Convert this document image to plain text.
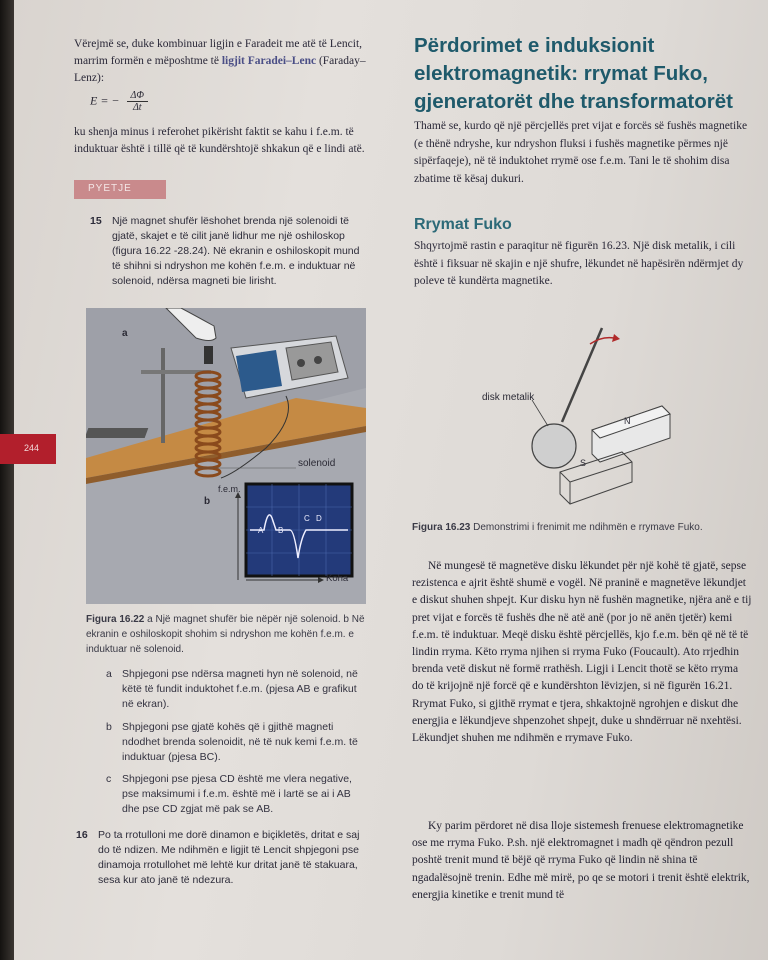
Vërejmë se, duke kombinuar ligjin e Faradeit me atë të Lencit, marrim formën e mëposhtme të ligjit Faradei–Lenc (Faraday–Lenz):

E = − $\frac{\Delta\Phi}{\Delta t}$
ku shenja minus i referohet pikërisht faktit se kahu i f.e.m. të induktuar është i tillë që të kundërshtojë shkakun që e lindi atë.
PYETJE
15 Një magnet shufër lëshohet brenda një solenoidi të gjatë, skajet e të cilit janë lidhur me një oshiloskop (figura 16.22 -28.24). Në ekranin e oshiloskopit mund të shihni si ndryshon me kohën f.e.m. e induktuar në solenoid, ndërsa magneti bie lirisht.
a
b
solenoid
f.e.m.
Koha
A B
C D
Figura 16.22 a Një magnet shufër bie nëpër një solenoid. b Në ekranin e oshiloskopit shohim si ndryshon me kohën f.e.m. e induktuar në solenoid.
a Shpjegoni pse ndërsa magneti hyn në solenoid, në këtë të fundit induktohet f.e.m. (pjesa AB e grafikut në ekran).
b Shpjegoni pse gjatë kohës që i gjithë magneti ndodhet brenda solenoidit, në të nuk kemi f.e.m. të induktuar (pjesa BC).
c Shpjegoni pse pjesa CD është me vlera negative, pse maksimumi i f.e.m. është më i lartë se ai i AB dhe pse CD zgjat më pak se AB.
16 Po ta rrotulloni me dorë dinamon e biçikletës, dritat e saj do të ndizen. Me ndihmën e ligjit të Lencit shpjegoni pse dinamoja rrotullohet më lehtë kur dritat janë të stakuara, sesa kur ato janë të ndezura.
244
Përdorimet e induksionit elektromagnetik: rrymat Fuko, gjeneratorët dhe transformatorët
Thamë se, kurdo që një përcjellës pret vijat e forcës së fushës magnetike (e thënë ndryshe, kur ndryshon fluksi i fushës magnetike përmes një sipërfaqeje), në të induktohet rrymë ose f.e.m. Tani le të shohim disa zbatime të kësaj dukuri.
Rrymat Fuko
Shqyrtojmë rastin e paraqitur në figurën 16.23. Një disk metalik, i cili është i fiksuar në skajin e një shufre, lëkundet në hapësirën ndërmjet dy poleve të kundërta magnetike.
disk metalik
N
S
Figura 16.23 Demonstrimi i frenimit me ndihmën e rrymave Fuko.

Në mungesë të magnetëve disku lëkundet për një kohë të gjatë, sepse rezistenca e ajrit është shumë e vogël. Në praninë e magnetëve lëkundjet e diskut shuhen shpejt. Kur disku hyn në fushën magnetike, njëra anë e tij pret vijat e forcës të fushës dhe në atë anë (por jo në anën tjetër) kemi f.e.m. të induktuar. Meqë disku është përcjellës, kjo f.e.m. bën që në të të lindin rryma. Këto rryma njihen si rryma Fuko (Foucault). Ato rrjedhin brenda vetë diskut në formë rrathësh. Ligji i Lencit thotë se këto rryma do të krijojnë një forcë që e kundërshton lëvizjen, si në figurën 16.21. Rrymat Fuko, si gjithë rrymat e tjera, shkaktojnë ngrohjen e diskut dhe energjia e lëkundjeve shpenzohet shpejt, duke u shndërruar në nxehtësi. Lëkundjet shuhen me ndihmën e rrymave Fuko.

Ky parim përdoret në disa lloje sistemesh frenuese elektromagnetike ose me rryma Fuko. P.sh. një elektromagnet i madh që qëndron pezull poshtë trenit mund të bëjë që rryma Fuko që lindin në shina të ngadalësojnë trenin. Edhe më mirë, po qe se motori i trenit është elektrik, energjia kinetike e trenit mund të
